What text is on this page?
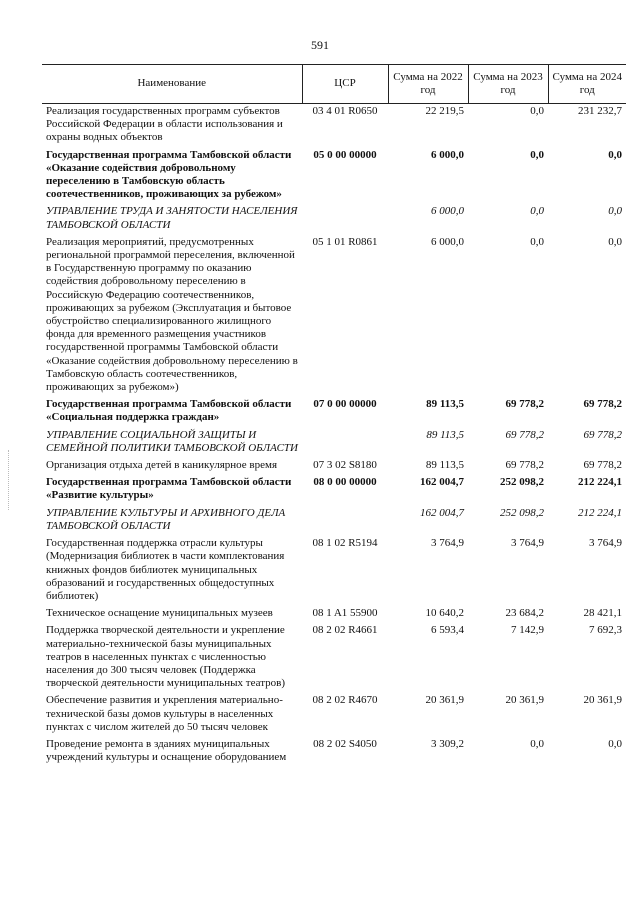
591
Наименование	ЦСР	Сумма на 2022 год	Сумма на 2023 год	Сумма на 2024 год
Реализация государственных программ субъектов Российской Федерации в области использования и охраны водных объектов	03 4 01 R0650	22 219,5	0,0	231 232,7
Государственная программа Тамбовской области «Оказание содействия добровольному переселению в Тамбовскую область соотечественников, проживающих за рубежом»	05 0 00 00000	6 000,0	0,0	0,0
УПРАВЛЕНИЕ ТРУДА И ЗАНЯТОСТИ НАСЕЛЕНИЯ ТАМБОВСКОЙ ОБЛАСТИ		6 000,0	0,0	0,0
Реализация мероприятий, предусмотренных региональной программой переселения, включенной в Государственную программу по оказанию содействия добровольному переселению в Российскую Федерацию соотечественников, проживающих за рубежом (Эксплуатация и бытовое обустройство специализированного жилищного фонда для временного размещения участников государственной программы Тамбовской области «Оказание содействия добровольному переселению в Тамбовскую область соотечественников, проживающих за рубежом»)	05 1 01 R0861	6 000,0	0,0	0,0
Государственная программа Тамбовской области «Социальная поддержка граждан»	07 0 00 00000	89 113,5	69 778,2	69 778,2
УПРАВЛЕНИЕ СОЦИАЛЬНОЙ ЗАЩИТЫ И СЕМЕЙНОЙ ПОЛИТИКИ ТАМБОВСКОЙ ОБЛАСТИ		89 113,5	69 778,2	69 778,2
Организация отдыха детей в каникулярное время	07 3 02 S8180	89 113,5	69 778,2	69 778,2
Государственная программа Тамбовской области «Развитие культуры»	08 0 00 00000	162 004,7	252 098,2	212 224,1
УПРАВЛЕНИЕ КУЛЬТУРЫ И АРХИВНОГО ДЕЛА ТАМБОВСКОЙ ОБЛАСТИ		162 004,7	252 098,2	212 224,1
Государственная поддержка отрасли культуры (Модернизация библиотек в части комплектования книжных фондов библиотек муниципальных образований и государственных общедоступных библиотек)	08 1 02 R5194	3 764,9	3 764,9	3 764,9
Техническое оснащение муниципальных музеев	08 1 A1 55900	10 640,2	23 684,2	28 421,1
Поддержка творческой деятельности и укрепление материально-технической базы муниципальных театров в населенных пунктах с численностью населения до 300 тысяч человек (Поддержка творческой деятельности муниципальных театров)	08 2 02 R4661	6 593,4	7 142,9	7 692,3
Обеспечение развития и укрепления материально-технической базы домов культуры в населенных пунктах с числом жителей до 50 тысяч человек	08 2 02 R4670	20 361,9	20 361,9	20 361,9
Проведение ремонта в зданиях муниципальных учреждений культуры и оснащение оборудованием	08 2 02 S4050	3 309,2	0,0	0,0
